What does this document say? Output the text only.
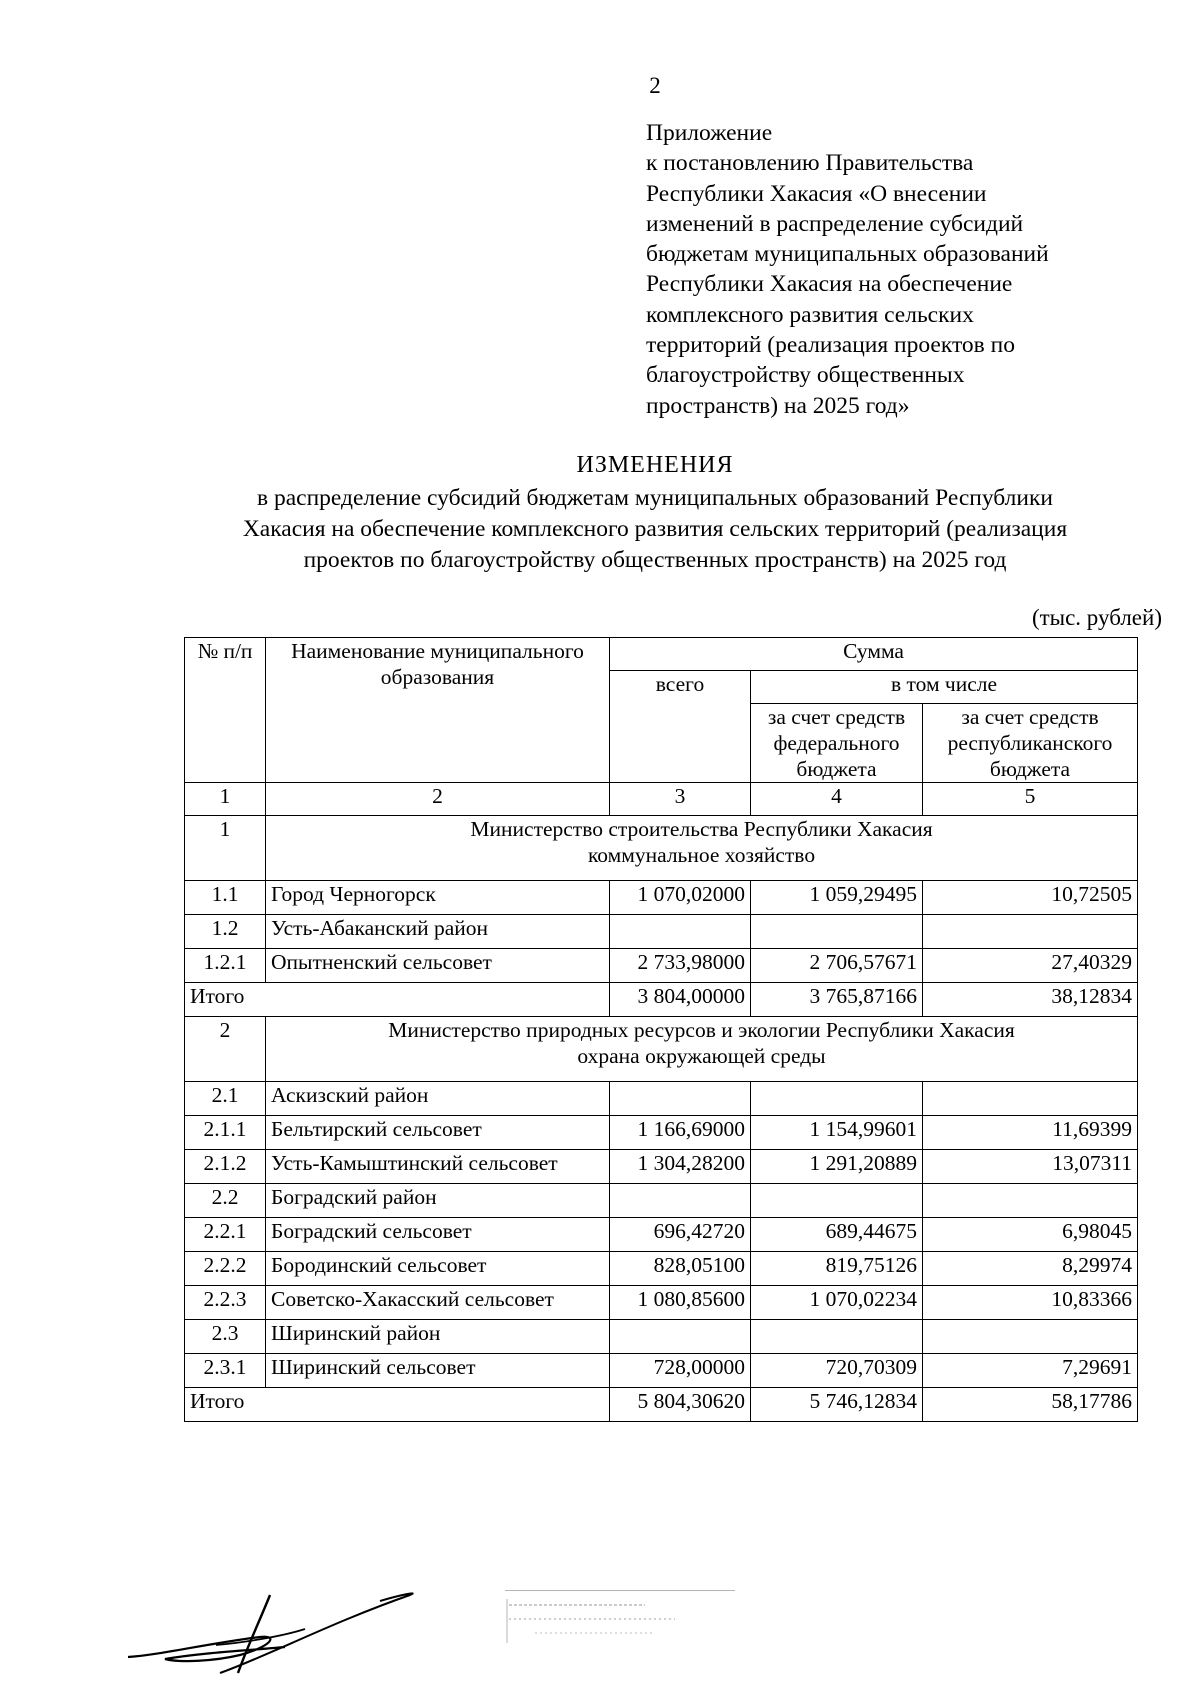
2
Приложение
к постановлению Правительства
Республики Хакасия «О внесении
изменений в распределение субсидий
бюджетам муниципальных образований
Республики Хакасия на обеспечение
комплексного развития сельских
территорий (реализация проектов по
благоустройству общественных
пространств) на 2025 год»
ИЗМЕНЕНИЯ
в распределение субсидий бюджетам муниципальных образований Республики
Хакасия на обеспечение комплексного развития сельских территорий (реализация
проектов по благоустройству общественных пространств) на 2025 год
(тыс. рублей)
№ п/п	Наименование муниципального образования	Сумма		
		всего	в том числе	
			за счет средств федерального бюджета	за счет средств республиканского бюджета
1	2	3	4	5
1	Министерство строительства Республики Хакасия
коммунальное хозяйство			

1.1	Город Черногорск	1 070,02000	1 059,29495	10,72505
1.2	Усть-Абаканский район			
1.2.1	Опытненский сельсовет	2 733,98000	2 706,57671	27,40329
Итого		3 804,00000	3 765,87166	38,12834
2	Министерство природных ресурсов и экологии Республики Хакасия
охрана окружающей среды			

2.1	Аскизский район			
2.1.1	Бельтирский сельсовет	1 166,69000	1 154,99601	11,69399
2.1.2	Усть-Камыштинский сельсовет	1 304,28200	1 291,20889	13,07311
2.2	Боградский район			
2.2.1	Боградский сельсовет	696,42720	689,44675	6,98045
2.2.2	Бородинский сельсовет	828,05100	819,75126	8,29974
2.2.3	Советско-Хакасский сельсовет	1 080,85600	1 070,02234	10,83366
2.3	Ширинский район			
2.3.1	Ширинский сельсовет	728,00000	720,70309	7,29691
Итого		5 804,30620	5 746,12834	58,17786
